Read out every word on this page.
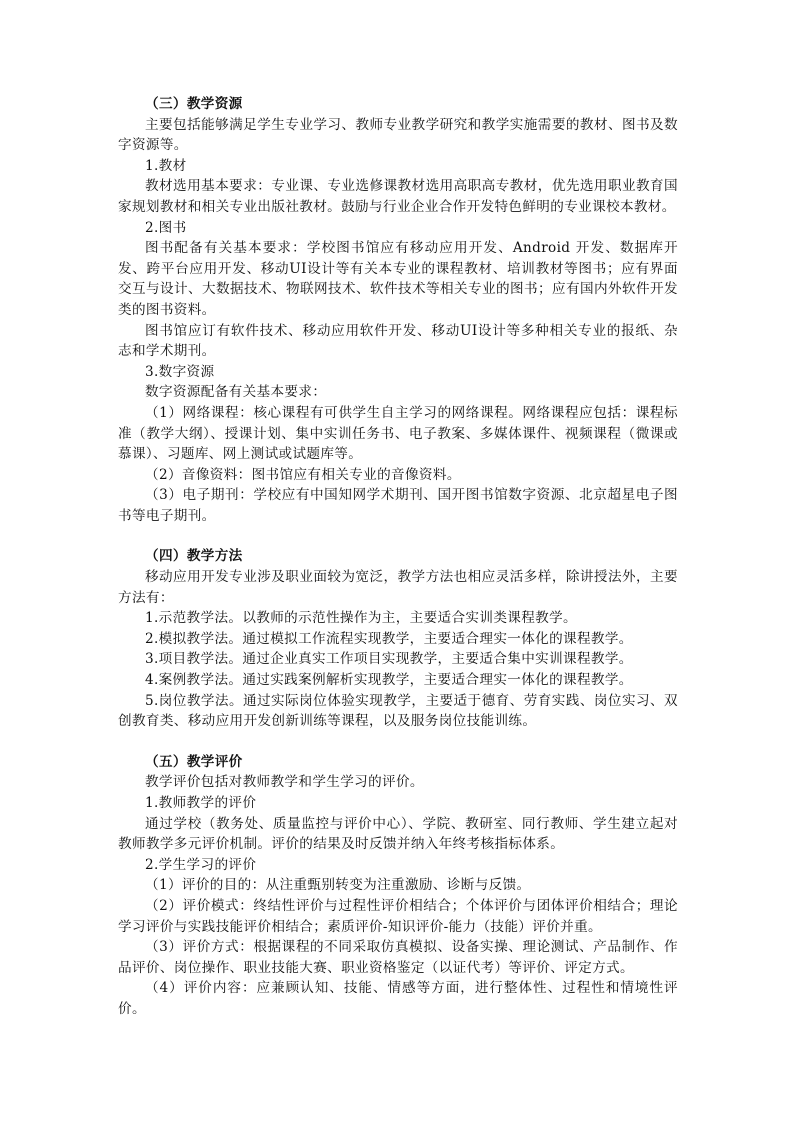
（三）教学资源

主要包括能够满足学生专业学习、教师专业教学研究和教学实施需要的教材、图书及数字资源等。

1.教材

教材选用基本要求：专业课、专业选修课教材选用高职高专教材，优先选用职业教育国家规划教材和相关专业出版社教材。鼓励与行业企业合作开发特色鲜明的专业课校本教材。

2.图书

图书配备有关基本要求：学校图书馆应有移动应用开发、Android 开发、数据库开发、跨平台应用开发、移动UI设计等有关本专业的课程教材、培训教材等图书；应有界面交互与设计、大数据技术、物联网技术、软件技术等相关专业的图书；应有国内外软件开发类的图书资料。

图书馆应订有软件技术、移动应用软件开发、移动UI设计等多种相关专业的报纸、杂志和学术期刊。

3.数字资源

数字资源配备有关基本要求：

（1）网络课程：核心课程有可供学生自主学习的网络课程。网络课程应包括：课程标准（教学大纲）、授课计划、集中实训任务书、电子教案、多媒体课件、视频课程（微课或慕课）、习题库、网上测试或试题库等。

（2）音像资料：图书馆应有相关专业的音像资料。

（3）电子期刊：学校应有中国知网学术期刊、国开图书馆数字资源、北京超星电子图书等电子期刊。

（四）教学方法

移动应用开发专业涉及职业面较为宽泛，教学方法也相应灵活多样，除讲授法外，主要方法有：

1.示范教学法。以教师的示范性操作为主，主要适合实训类课程教学。

2.模拟教学法。通过模拟工作流程实现教学，主要适合理实一体化的课程教学。

3.项目教学法。通过企业真实工作项目实现教学，主要适合集中实训课程教学。

4.案例教学法。通过实践案例解析实现教学，主要适合理实一体化的课程教学。

5.岗位教学法。通过实际岗位体验实现教学，主要适于德育、劳育实践、岗位实习、双创教育类、移动应用开发创新训练等课程，以及服务岗位技能训练。

（五）教学评价

教学评价包括对教师教学和学生学习的评价。

1.教师教学的评价

通过学校（教务处、质量监控与评价中心）、学院、教研室、同行教师、学生建立起对教师教学多元评价机制。评价的结果及时反馈并纳入年终考核指标体系。

2.学生学习的评价

（1）评价的目的：从注重甄别转变为注重激励、诊断与反馈。

（2）评价模式：终结性评价与过程性评价相结合；个体评价与团体评价相结合；理论学习评价与实践技能评价相结合；素质评价-知识评价-能力（技能）评价并重。

（3）评价方式：根据课程的不同采取仿真模拟、设备实操、理论测试、产品制作、作品评价、岗位操作、职业技能大赛、职业资格鉴定（以证代考）等评价、评定方式。

（4）评价内容：应兼顾认知、技能、情感等方面，进行整体性、过程性和情境性评价。
